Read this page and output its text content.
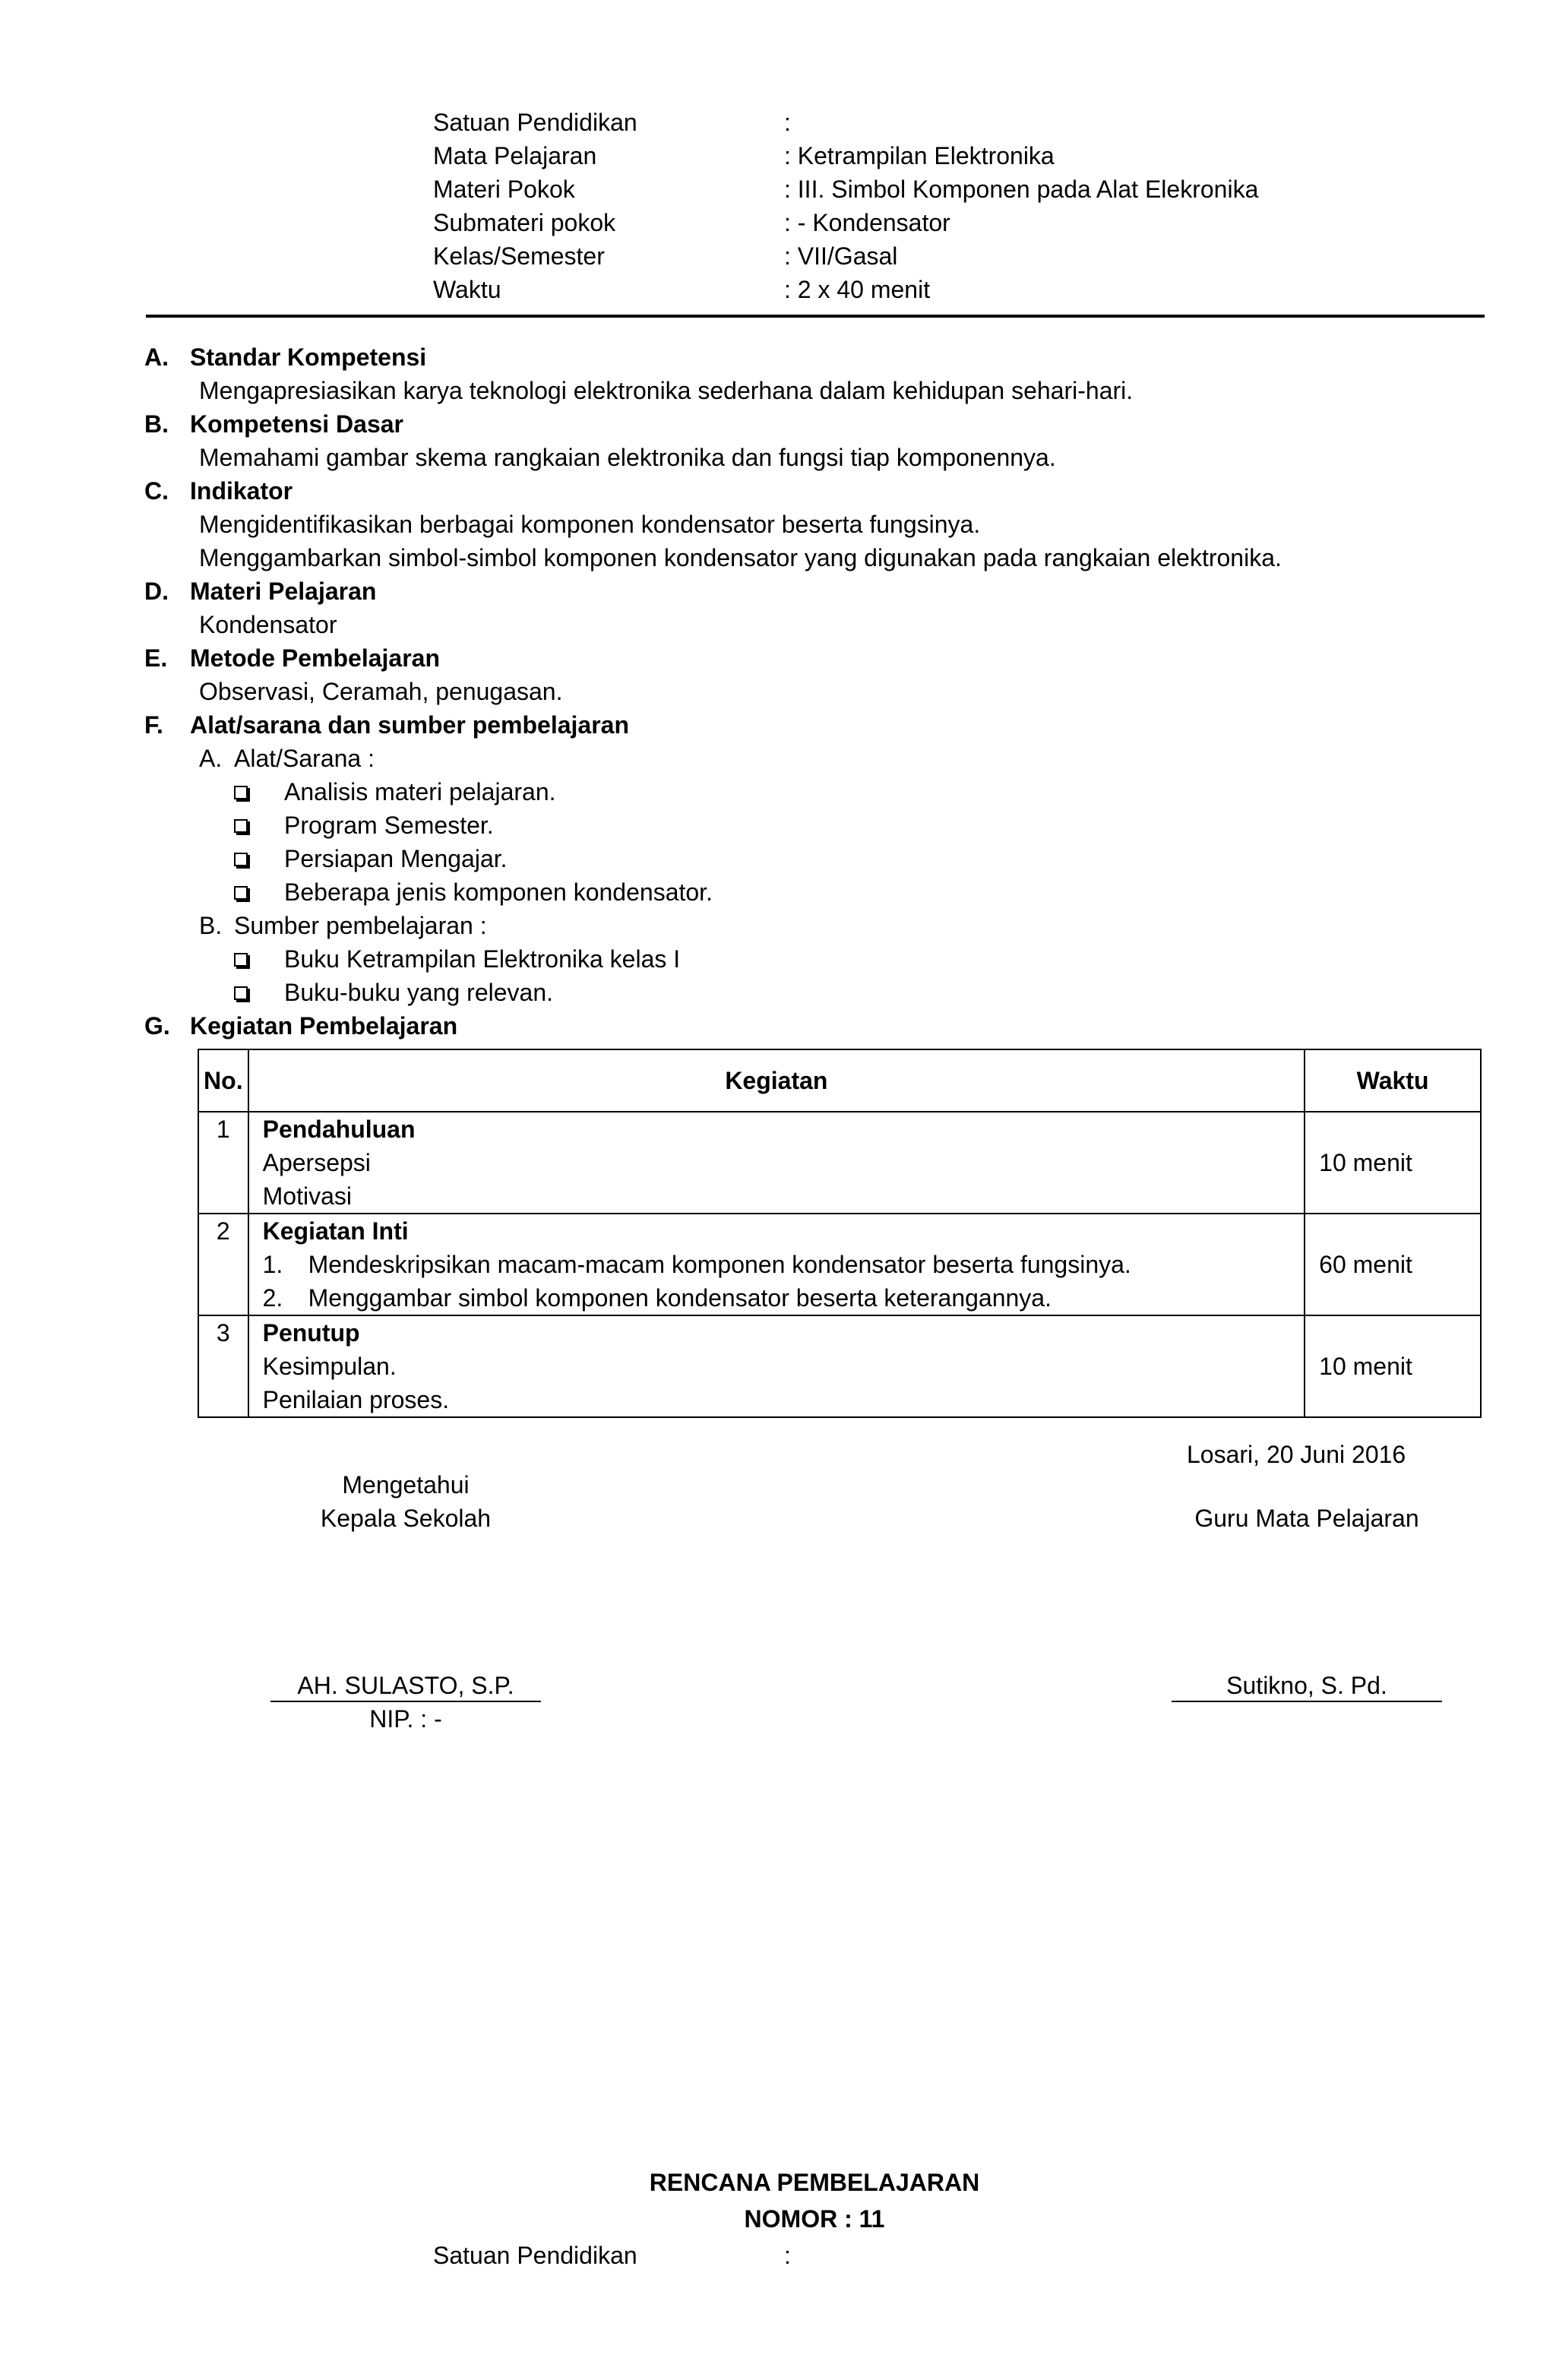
Satuan Pendidikan	:
Mata Pelajaran	: Ketrampilan Elektronika
Materi Pokok	: III. Simbol Komponen pada Alat Elekronika
Submateri pokok	: - Kondensator
Kelas/Semester	: VII/Gasal
Waktu	: 2 x 40 menit
A. Standar Kompetensi
Mengapresiasikan karya teknologi elektronika sederhana dalam kehidupan sehari-hari.
B. Kompetensi Dasar
Memahami gambar skema rangkaian elektronika dan fungsi tiap komponennya.
C. Indikator
Mengidentifikasikan berbagai komponen kondensator beserta fungsinya.
Menggambarkan simbol-simbol komponen kondensator yang digunakan pada rangkaian elektronika.
D. Materi Pelajaran
Kondensator
E. Metode Pembelajaran
Observasi, Ceramah, penugasan.
F.	Alat/sarana dan sumber pembelajaran
A. Alat/Sarana :
Analisis materi pelajaran.
Program Semester.
Persiapan Mengajar.
Beberapa jenis komponen kondensator.
B. Sumber pembelajaran :
Buku Ketrampilan Elektronika kelas I
Buku-buku yang relevan.
G. Kegiatan Pembelajaran
No.	Kegiatan	Waktu
1	Pendahuluan
Apersepsi
Motivasi	10 menit
2	Kegiatan Inti
1. Mendeskripsikan macam-macam komponen kondensator beserta fungsinya.
2. Menggambar simbol komponen kondensator beserta keterangannya.	60 menit
3	Penutup
Kesimpulan.
Penilaian proses.	10 menit
Losari, 20 Juni 2016
Mengetahui
Kepala Sekolah	Guru Mata Pelajaran
AH. SULASTO, S.P.
NIP. : -
Sutikno, S. Pd.
RENCANA PEMBELAJARAN
NOMOR : 11
Satuan Pendidikan	:
